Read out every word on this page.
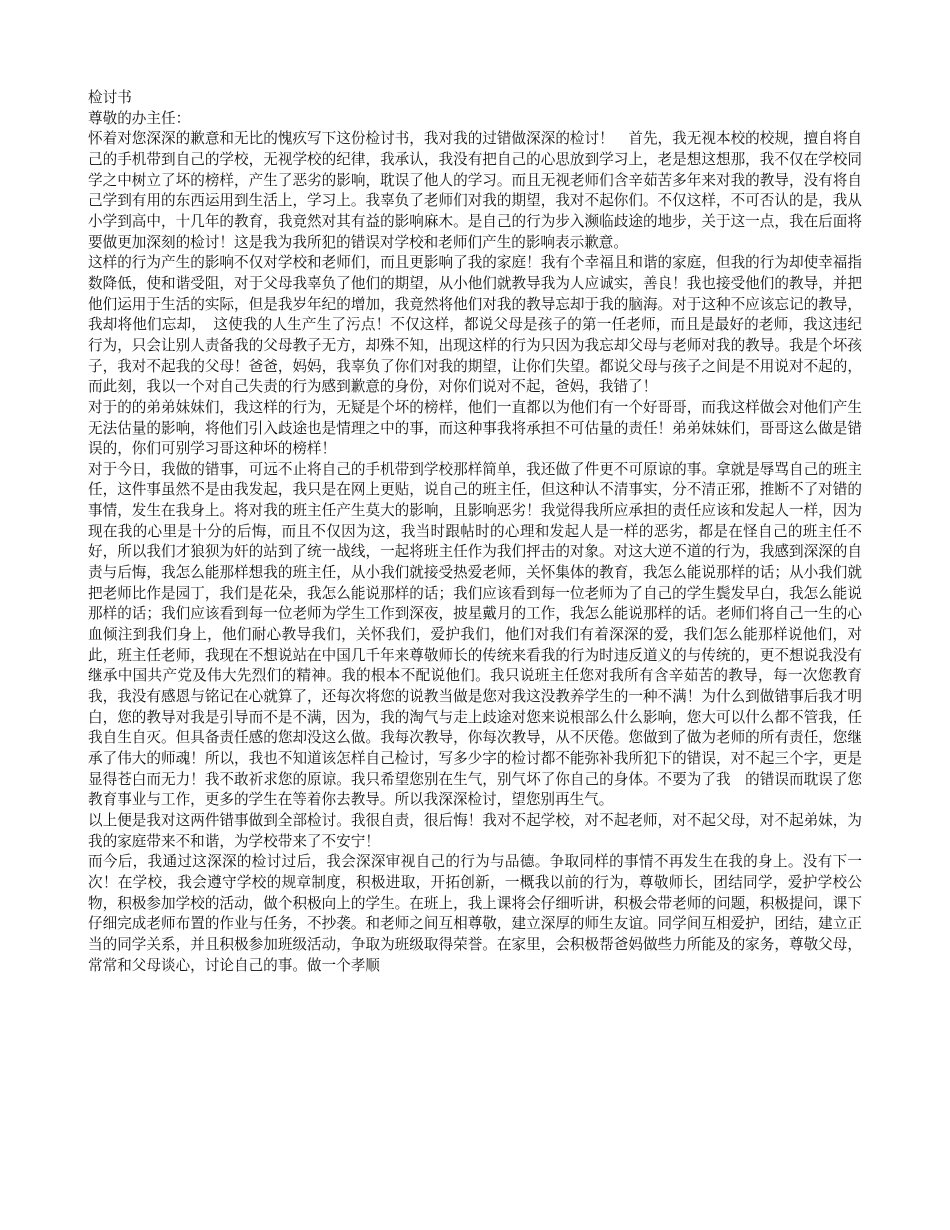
检讨书

尊敬的办主任：

怀着对您深深的歉意和无比的愧疚写下这份检讨书，我对我的过错做深深的检讨！　首先，我无视本校的校规，擅自将自己的手机带到自己的学校，无视学校的纪律，我承认，我没有把自己的心思放到学习上，老是想这想那，我不仅在学校同学之中树立了坏的榜样，产生了恶劣的影响，耽误了他人的学习。而且无视老师们含辛茹苦多年来对我的教导，没有将自己学到有用的东西运用到生活上，学习上。我辜负了老师们对我的期望，我对不起你们。不仅这样，不可否认的是，我从小学到高中，十几年的教育，我竟然对其有益的影响麻木。是自己的行为步入濒临歧途的地步，关于这一点，我在后面将要做更加深刻的检讨！这是我为我所犯的错误对学校和老师们产生的影响表示歉意。

这样的行为产生的影响不仅对学校和老师们，而且更影响了我的家庭！我有个幸福且和谐的家庭，但我的行为却使幸福指数降低，使和谐受阻，对于父母我辜负了他们的期望，从小他们就教导我为人应诚实，善良！我也接受他们的教导，并把他们运用于生活的实际，但是我岁年纪的增加，我竟然将他们对我的教导忘却于我的脑海。对于这种不应该忘记的教导，我却将他们忘却，　这使我的人生产生了污点！不仅这样，都说父母是孩子的第一任老师，而且是最好的老师，我这违纪行为，只会让别人责备我的父母教子无方，却殊不知，出现这样的行为只因为我忘却父母与老师对我的教导。我是个坏孩子，我对不起我的父母！爸爸，妈妈，我辜负了你们对我的期望，让你们失望。都说父母与孩子之间是不用说对不起的，而此刻，我以一个对自己失责的行为感到歉意的身份，对你们说对不起，爸妈，我错了！

对于的的弟弟妹妹们，我这样的行为，无疑是个坏的榜样，他们一直都以为他们有一个好哥哥，而我这样做会对他们产生无法估量的影响，将他们引入歧途也是情理之中的事，而这种事我将承担不可估量的责任！弟弟妹妹们，哥哥这么做是错误的，你们可别学习哥这种坏的榜样！

对于今日，我做的错事，可远不止将自己的手机带到学校那样简单，我还做了件更不可原谅的事。拿就是辱骂自己的班主任，这件事虽然不是由我发起，我只是在网上更贴，说自己的班主任，但这种认不清事实，分不清正邪，推断不了对错的事情，发生在我身上。将对我的班主任产生莫大的影响，且影响恶劣！我觉得我所应承担的责任应该和发起人一样，因为现在我的心里是十分的后悔，而且不仅因为这，我当时跟帖时的心理和发起人是一样的恶劣，都是在怪自己的班主任不好，所以我们才狼狈为奸的站到了统一战线，一起将班主任作为我们抨击的对象。对这大逆不道的行为，我感到深深的自责与后悔，我怎么能那样想我的班主任，从小我们就接受热爱老师，关怀集体的教育，我怎么能说那样的话；从小我们就把老师比作是园丁，我们是花朵，我怎么能说那样的话；我们应该看到每一位老师为了自己的学生鬓发早白，我怎么能说那样的话；我们应该看到每一位老师为学生工作到深夜，披星戴月的工作，我怎么能说那样的话。老师们将自己一生的心血倾注到我们身上，他们耐心教导我们，关怀我们，爱护我们，他们对我们有着深深的爱，我们怎么能那样说他们，对此，班主任老师，我现在不想说站在中国几千年来尊敬师长的传统来看我的行为时违反道义的与传统的，更不想说我没有继承中国共产党及伟大先烈们的精神。我的根本不配说他们。我只说班主任您对我所有含辛茹苦的教导，每一次您教育我，我没有感恩与铭记在心就算了，还每次将您的说教当做是您对我这没教养学生的一种不满！为什么到做错事后我才明白，您的教导对我是引导而不是不满，因为，我的淘气与走上歧途对您来说根部么什么影响，您大可以什么都不管我，任我自生自灭。但具备责任感的您却没这么做。我每次教导，你每次教导，从不厌倦。您做到了做为老师的所有责任，您继承了伟大的师魂！所以，我也不知道该怎样自己检讨，写多少字的检讨都不能弥补我所犯下的错误，对不起三个字，更是显得苍白而无力！我不敢祈求您的原谅。我只希望您别在生气，别气坏了你自己的身体。不要为了我　的错误而耽误了您教育事业与工作，更多的学生在等着你去教导。所以我深深检讨，望您别再生气。

以上便是我对这两件错事做到全部检讨。我很自责，很后悔！我对不起学校，对不起老师，对不起父母，对不起弟妹，为我的家庭带来不和谐，为学校带来了不安宁！

而今后，我通过这深深的检讨过后，我会深深审视自己的行为与品德。争取同样的事情不再发生在我的身上。没有下一次！在学校，我会遵守学校的规章制度，积极进取，开拓创新，一概我以前的行为，尊敬师长，团结同学，爱护学校公物，积极参加学校的活动，做个积极向上的学生。在班上，我上课将会仔细听讲，积极会带老师的问题，积极提问，课下仔细完成老师布置的作业与任务，不抄袭。和老师之间互相尊敬，建立深厚的师生友谊。同学间互相爱护，团结，建立正当的同学关系，并且积极参加班级活动，争取为班级取得荣誉。在家里，会积极帮爸妈做些力所能及的家务，尊敬父母，常常和父母谈心，讨论自己的事。做一个孝顺
